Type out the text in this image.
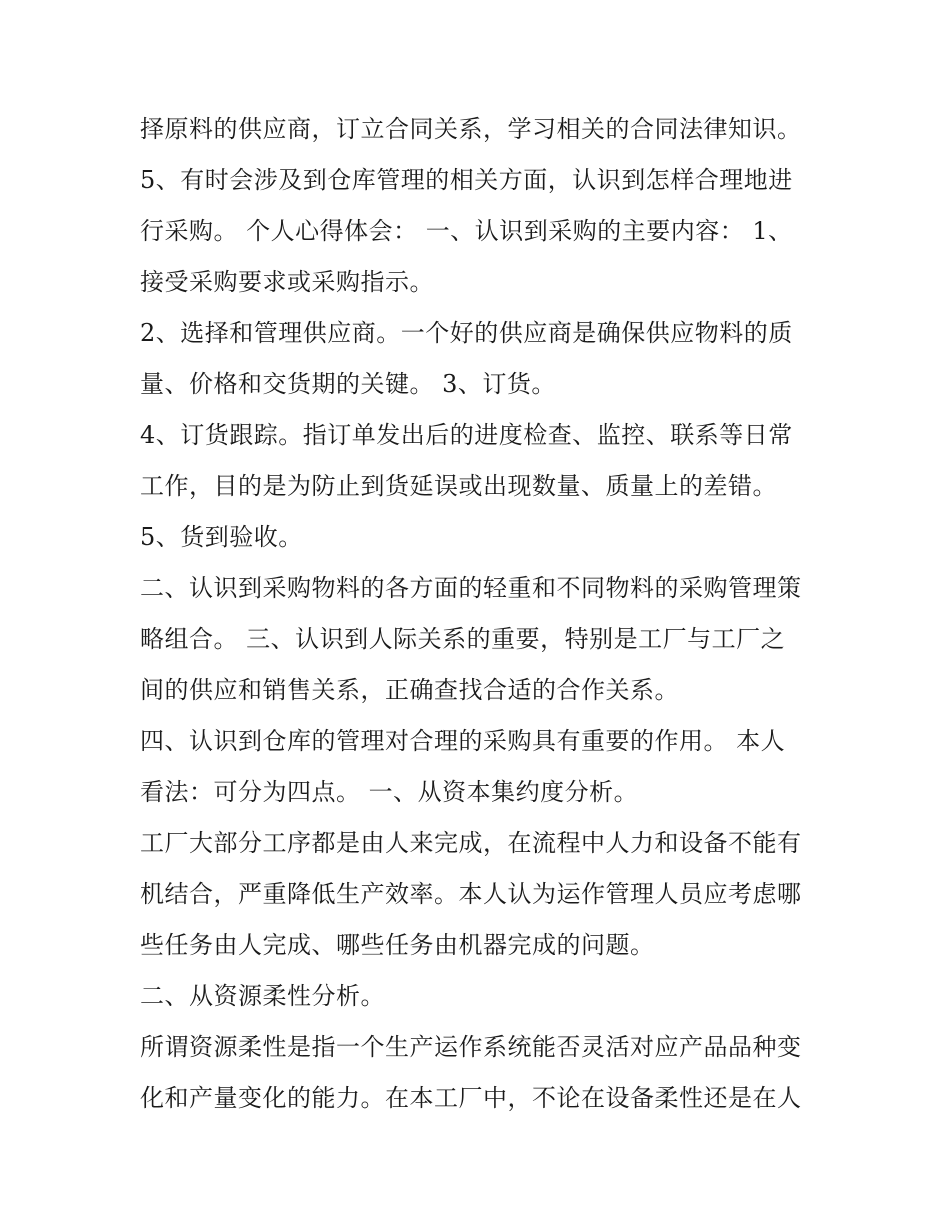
择原料的供应商，订立合同关系，学习相关的合同法律知识。
5、有时会涉及到仓库管理的相关方面，认识到怎样合理地进
行采购。 个人心得体会： 一、认识到采购的主要内容： 1、
接受采购要求或采购指示。
2、选择和管理供应商。一个好的供应商是确保供应物料的质
量、价格和交货期的关键。 3、订货。
4、订货跟踪。指订单发出后的进度检查、监控、联系等日常
工作，目的是为防止到货延误或出现数量、质量上的差错。
5、货到验收。
二、认识到采购物料的各方面的轻重和不同物料的采购管理策
略组合。 三、认识到人际关系的重要，特别是工厂与工厂之
间的供应和销售关系，正确查找合适的合作关系。
四、认识到仓库的管理对合理的采购具有重要的作用。 本人
看法：可分为四点。 一、从资本集约度分析。
工厂大部分工序都是由人来完成，在流程中人力和设备不能有
机结合，严重降低生产效率。本人认为运作管理人员应考虑哪
些任务由人完成、哪些任务由机器完成的问题。
二、从资源柔性分析。
所谓资源柔性是指一个生产运作系统能否灵活对应产品品种变
化和产量变化的能力。在本工厂中，不论在设备柔性还是在人
